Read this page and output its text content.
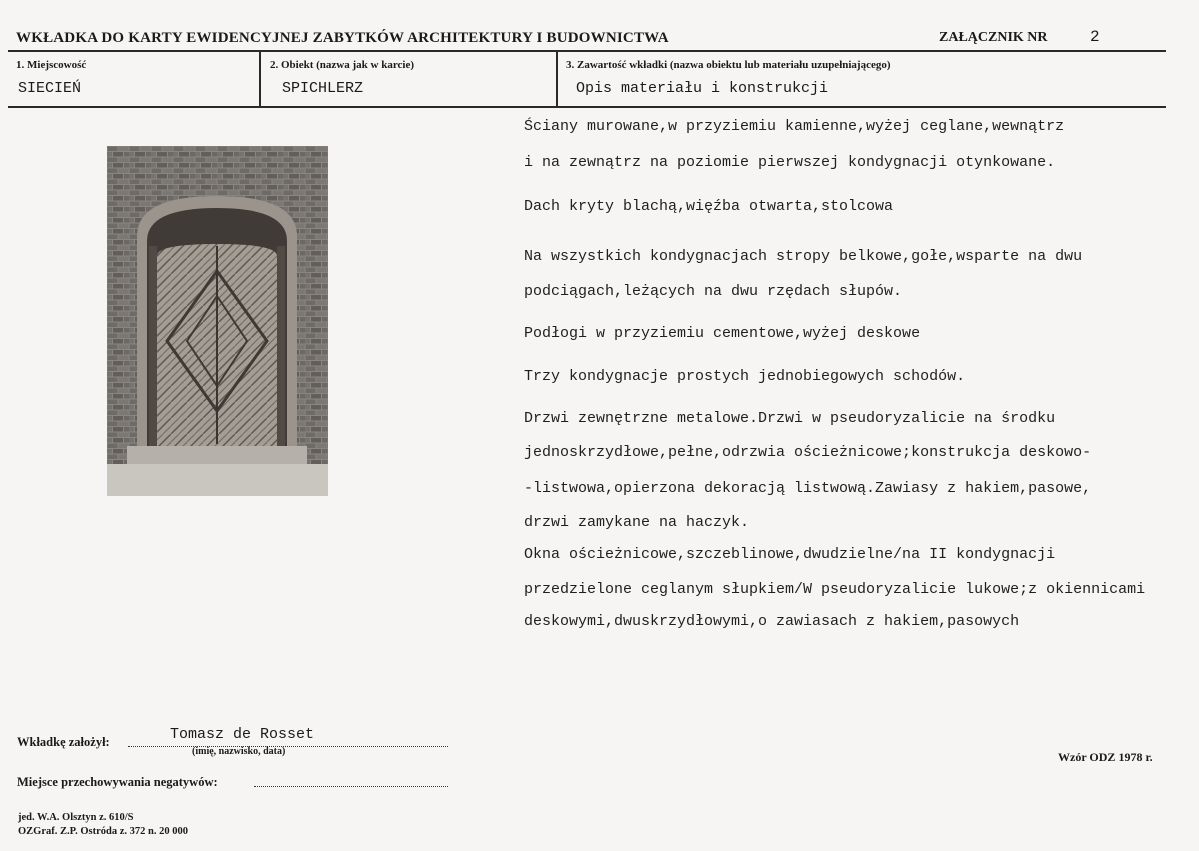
WKŁADKA DO KARTY EWIDENCYJNEJ ZABYTKÓW ARCHITEKTURY I BUDOWNICTWA	ZAŁĄCZNIK NR	2
1. Miejscowość
SIECIEŃ
2. Obiekt (nazwa jak w karcie)
SPICHLERZ
3. Zawartość wkładki (nazwa obiektu lub materiału uzupełniającego)
Opis materiału i konstrukcji
Ściany murowane,w przyziemiu kamienne,wyżej ceglane,wewnątrz
i na zewnątrz na poziomie pierwszej kondygnacji otynkowane.
Dach kryty blachą,więźba otwarta,stolcowa
Na wszystkich kondygnacjach stropy belkowe,gołe,wsparte na dwu
podciągach,leżących na dwu rzędach słupów.
Podłogi w przyziemiu cementowe,wyżej deskowe
Trzy kondygnacje prostych jednobiegowych schodów.
Drzwi zewnętrzne metalowe.Drzwi w pseudoryzalicie na środku
jednoskrzydłowe,pełne,odrzwia ościeżnicowe;konstrukcja deskowo-
-listwowa,opierzona dekoracją listwową.Zawiasy z hakiem,pasowe,
drzwi zamykane na haczyk.
Okna ościeżnicowe,szczeblinowe,dwudzielne/na II kondygnacji
przedzielone ceglanym słupkiem/W pseudoryzalicie lukowe;z okiennicami
deskowymi,dwuskrzydłowymi,o zawiasach z hakiem,pasowych
Wkładkę założył:	Tomasz de Rosset
(imię, nazwisko, data)
Miejsce przechowywania negatywów:
Wzór ODZ 1978 r.
jed. W.A. Olsztyn z. 610/S
OZGraf. Z.P. Ostróda z. 372 n. 20 000
